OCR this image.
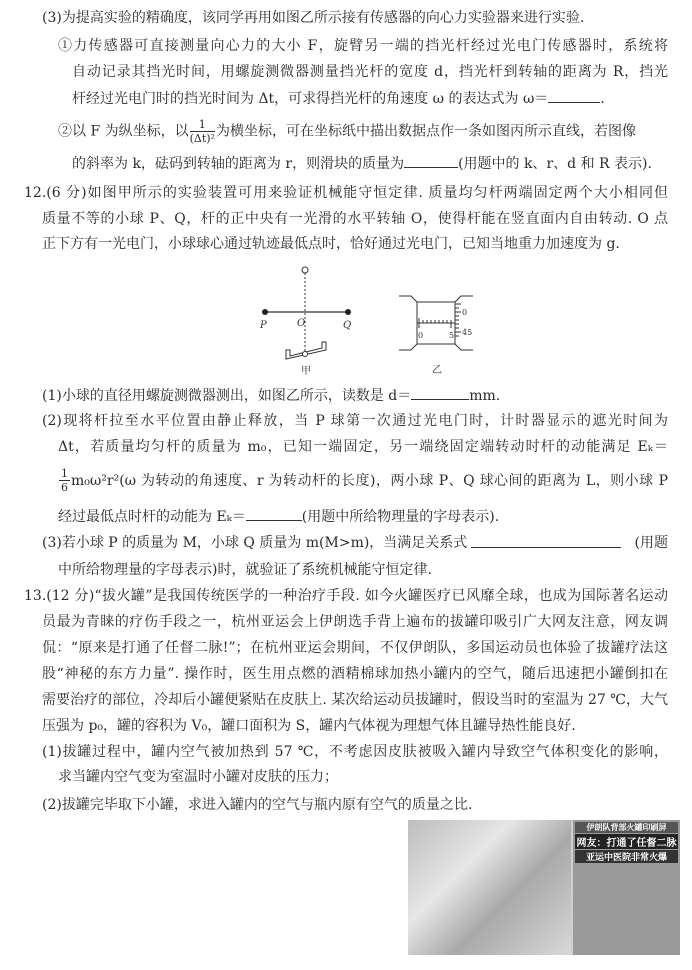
(3)为提高实验的精确度，该同学再用如图乙所示接有传感器的向心力实验器来进行实验.
①力传感器可直接测量向心力的大小 F，旋臂另一端的挡光杆经过光电门传感器时，系统将
自动记录其挡光时间，用螺旋测微器测量挡光杆的宽度 d，挡光杆到转轴的距离为 R，挡光
杆经过光电门时的挡光时间为 Δt，可求得挡光杆的角速度 ω 的表达式为 ω＝	.
②以 F 为纵坐标，以 $\frac{1}{\text{(Δt)²}}$ 为横坐标，可在坐标纸中描出数据点作一条如图丙所示直线，若图像
的斜率为 k，砝码到转轴的距离为 r，则滑块的质量为	(用题中的 k、r、d 和 R 表示).
12.(6 分)如图甲所示的实验装置可用来验证机械能守恒定律. 质量均匀杆两端固定两个大小相同但
质量不等的小球 P、Q，杆的正中央有一光滑的水平转轴 O，使得杆能在竖直面内自由转动. O 点
正下方有一光电门，小球球心通过轨迹最低点时，恰好通过光电门，已知当地重力加速度为 g.
P	O	Q
甲
0	5
0
45
乙
(1)小球的直径用螺旋测微器测出，如图乙所示，读数是 d＝	mm.
(2)现将杆拉至水平位置由静止释放，当 P 球第一次通过光电门时，计时器显示的遮光时间为
Δt，若质量均匀杆的质量为 m₀，已知一端固定，另一端绕固定端转动时杆的动能满足 Eₖ＝
$\frac{1}{6} m_0\omega^2r^2(\omega$ 为转动的角速度、r 为转动杆的长度)，两小球 P、Q 球心间的距离为 L，则小球 P
经过最低点时杆的动能为 Eₖ＝	(用题中所给物理量的字母表示).
(3)若小球 P 的质量为 M，小球 Q 质量为 m(M>m)，当满足关系式	(用题
中所给物理量的字母表示)时，就验证了系统机械能守恒定律.
13.(12 分)“拔火罐”是我国传统医学的一种治疗手段. 如今火罐医疗已风靡全球，也成为国际著名运动
员最为青睐的疗伤手段之一，杭州亚运会上伊朗选手背上遍布的拔罐印吸引广大网友注意，网友调
侃：“原来是打通了任督二脉!”；在杭州亚运会期间，不仅伊朗队，多国运动员也体验了拔罐疗法这
股“神秘的东方力量”. 操作时，医生用点燃的酒精棉球加热小罐内的空气，随后迅速把小罐倒扣在
需要治疗的部位，冷却后小罐便紧贴在皮肤上. 某次给运动员拔罐时，假设当时的室温为 27 ℃，大气
压强为 p₀，罐的容积为 V₀，罐口面积为 S，罐内气体视为理想气体且罐导热性能良好.
(1)拔罐过程中，罐内空气被加热到 57 ℃，不考虑因皮肤被吸入罐内导致空气体积变化的影响，
求当罐内空气变为室温时小罐对皮肤的压力；
(2)拔罐完毕取下小罐，求进入罐内的空气与瓶内原有空气的质量之比.
伊朗队背部火罐印刷屏
网友：打通了任督二脉
亚运中医院非常火爆
